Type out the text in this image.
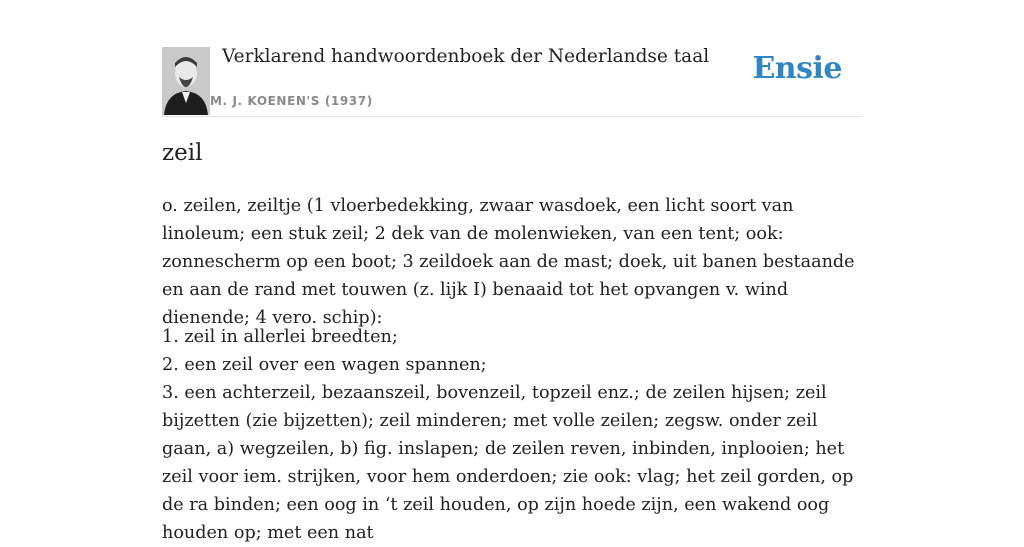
Verklarend handwoordenboek der Nederlandse taal
M. J. KOENEN'S (1937)
Ensie
zeil

o. zeilen, zeiltje (1 vloerbedekking, zwaar wasdoek, een licht soort van linoleum; een stuk zeil; 2 dek van de molenwieken, van een tent; ook: zonnescherm op een boot; 3 zeildoek aan de mast; doek, uit banen bestaande en aan de rand met touwen (z. lijk I) benaaid tot het opvangen v. wind dienende; 4 vero. schip):

1. zeil in allerlei breedten;
2. een zeil over een wagen spannen;
3. een achterzeil, bezaanszeil, bovenzeil, topzeil enz.; de zeilen hijsen; zeil bijzetten (zie bijzetten); zeil minderen; met volle zeilen; zegsw. onder zeil gaan, a) wegzeilen, b) fig. inslapen; de zeilen reven, inbinden, inplooien; het zeil voor iem. strijken, voor hem onderdoen; zie ook: vlag; het zeil gorden, op de ra binden; een oog in ‘t zeil houden, op zijn hoede zijn, een wakend oog houden op; met een nat
